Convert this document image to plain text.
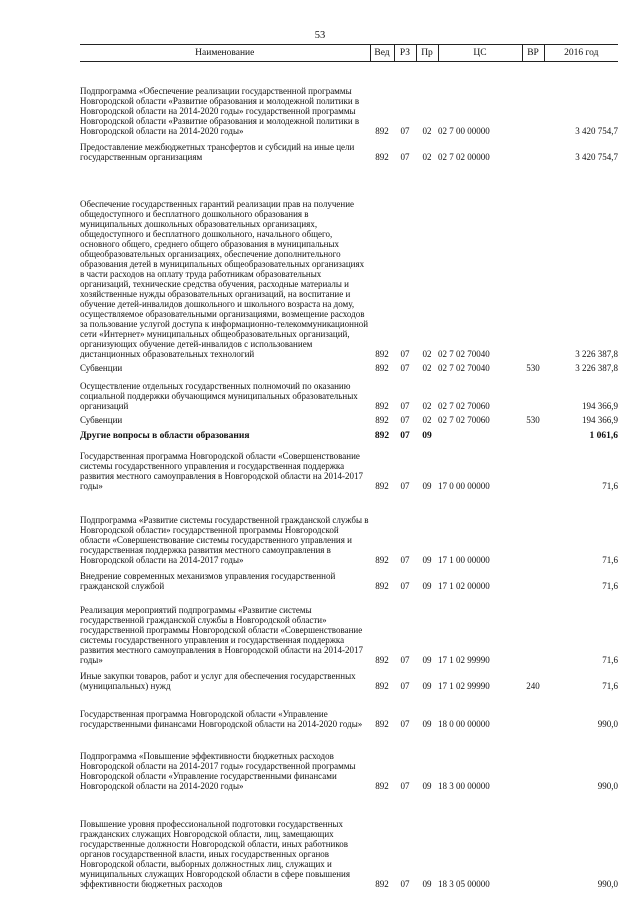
53
Наименование	Вед	РЗ	Пр	ЦС	ВР	2016 год
Подпрограмма «Обеспечение реализации государственной программы Новгородской области «Развитие образования и молодежной политики в Новгородской области на 2014-2020 годы» государственной программы Новгородской области «Развитие образования и молодежной политики в Новгородской области на 2014-2020 годы»	892	07	02	02 7 00 00000		3 420 754,7
Предоставление межбюджетных трансфертов и субсидий на иные цели государственным организациям	892	07	02	02 7 02 00000		3 420 754,7
Обеспечение государственных гарантий реализации прав на получение общедоступного и бесплатного дошкольного образования в муниципальных дошкольных образовательных организациях, общедоступного и бесплатного дошкольного, начального общего, основного общего, среднего общего образования в муниципальных общеобразовательных организациях, обеспечение дополнительного образования детей в муниципальных общеобразовательных организациях в части расходов на оплату труда работникам образовательных организаций, технические средства обучения, расходные материалы и хозяйственные нужды образовательных организаций, на воспитание и обучение детей-инвалидов дошкольного и школьного возраста на дому, осуществляемое образовательными организациями, возмещение расходов за пользование услугой доступа к информационно-телекоммуникационной сети «Интернет» муниципальных общеобразовательных организаций, организующих обучение детей-инвалидов с использованием дистанционных образовательных технологий	892	07	02	02 7 02 70040		3 226 387,8
Субвенции	892	07	02	02 7 02 70040	530	3 226 387,8
Осуществление отдельных государственных полномочий по оказанию социальной поддержки обучающимся муниципальных образовательных организаций	892	07	02	02 7 02 70060		194 366,9
Субвенции	892	07	02	02 7 02 70060	530	194 366,9
Другие вопросы в области образования	892	07	09			1 061,6
Государственная программа Новгородской области «Совершенствование системы государственного управления и государственная поддержка развития местного самоуправления в Новгородской области на 2014-2017 годы»	892	07	09	17 0 00 00000		71,6
Подпрограмма «Развитие системы государственной гражданской службы в Новгородской области» государственной программы Новгородской области «Совершенствование системы государственного управления и государственная поддержка развития местного самоуправления в Новгородской области на 2014-2017 годы»	892	07	09	17 1 00 00000		71,6
Внедрение современных механизмов управления государственной гражданской службой	892	07	09	17 1 02 00000		71,6
Реализация мероприятий подпрограммы «Развитие системы государственной гражданской службы в Новгородской области» государственной программы Новгородской области «Совершенствование системы государственного управления и государственная поддержка развития местного самоуправления в Новгородской области на 2014-2017 годы»	892	07	09	17 1 02 99990		71,6
Иные закупки товаров, работ и услуг для обеспечения государственных (муниципальных) нужд	892	07	09	17 1 02 99990	240	71,6
Государственная программа Новгородской области «Управление государственными финансами Новгородской области на 2014-2020 годы»	892	07	09	18 0 00 00000		990,0
Подпрограмма «Повышение эффективности бюджетных расходов Новгородской области на 2014-2017 годы» государственной программы Новгородской области «Управление государственными финансами Новгородской области на 2014-2020 годы»	892	07	09	18 3 00 00000		990,0
Повышение уровня профессиональной подготовки государственных гражданских служащих Новгородской области, лиц, замещающих государственные должности Новгородской области, иных работников органов государственной власти, иных государственных органов Новгородской области, выборных должностных лиц, служащих и муниципальных служащих Новгородской области в сфере повышения эффективности бюджетных расходов	892	07	09	18 3 05 00000		990,0
